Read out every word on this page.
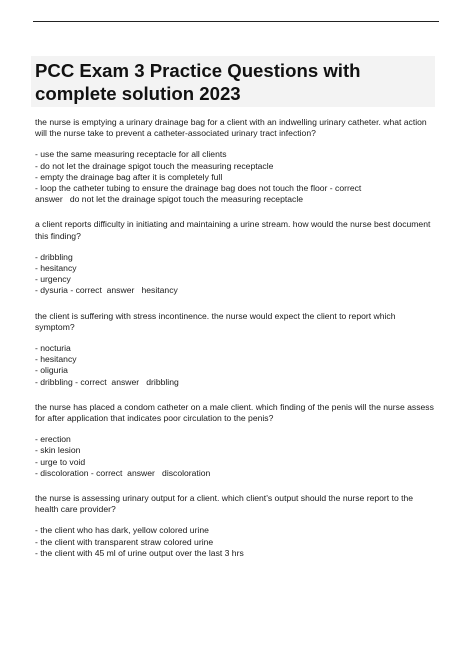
PCC Exam 3 Practice Questions with complete solution 2023

the nurse is emptying a urinary drainage bag for a client with an indwelling urinary catheter. what action will the nurse take to prevent a catheter-associated urinary tract infection?

- use the same measuring receptacle for all clients
- do not let the drainage spigot touch the measuring receptacle
- empty the drainage bag after it is completely full
- loop the catheter tubing to ensure the drainage bag does not touch the floor - correct
answer   do not let the drainage spigot touch the measuring receptacle

a client reports difficulty in initiating and maintaining a urine stream. how would the nurse best document this finding?

- dribbling
- hesitancy
- urgency
- dysuria - correct  answer   hesitancy

the client is suffering with stress incontinence. the nurse would expect the client to report which symptom?

- nocturia
- hesitancy
- oliguria
- dribbling - correct  answer   dribbling

the nurse has placed a condom catheter on a male client. which finding of the penis will the nurse assess for after application that indicates poor circulation to the penis?

- erection
- skin lesion
- urge to void
- discoloration - correct  answer   discoloration

the nurse is assessing urinary output for a client. which client's output should the nurse report to the health care provider?

- the client who has dark, yellow colored urine
- the client with transparent straw colored urine
- the client with 45 ml of urine output over the last 3 hrs
